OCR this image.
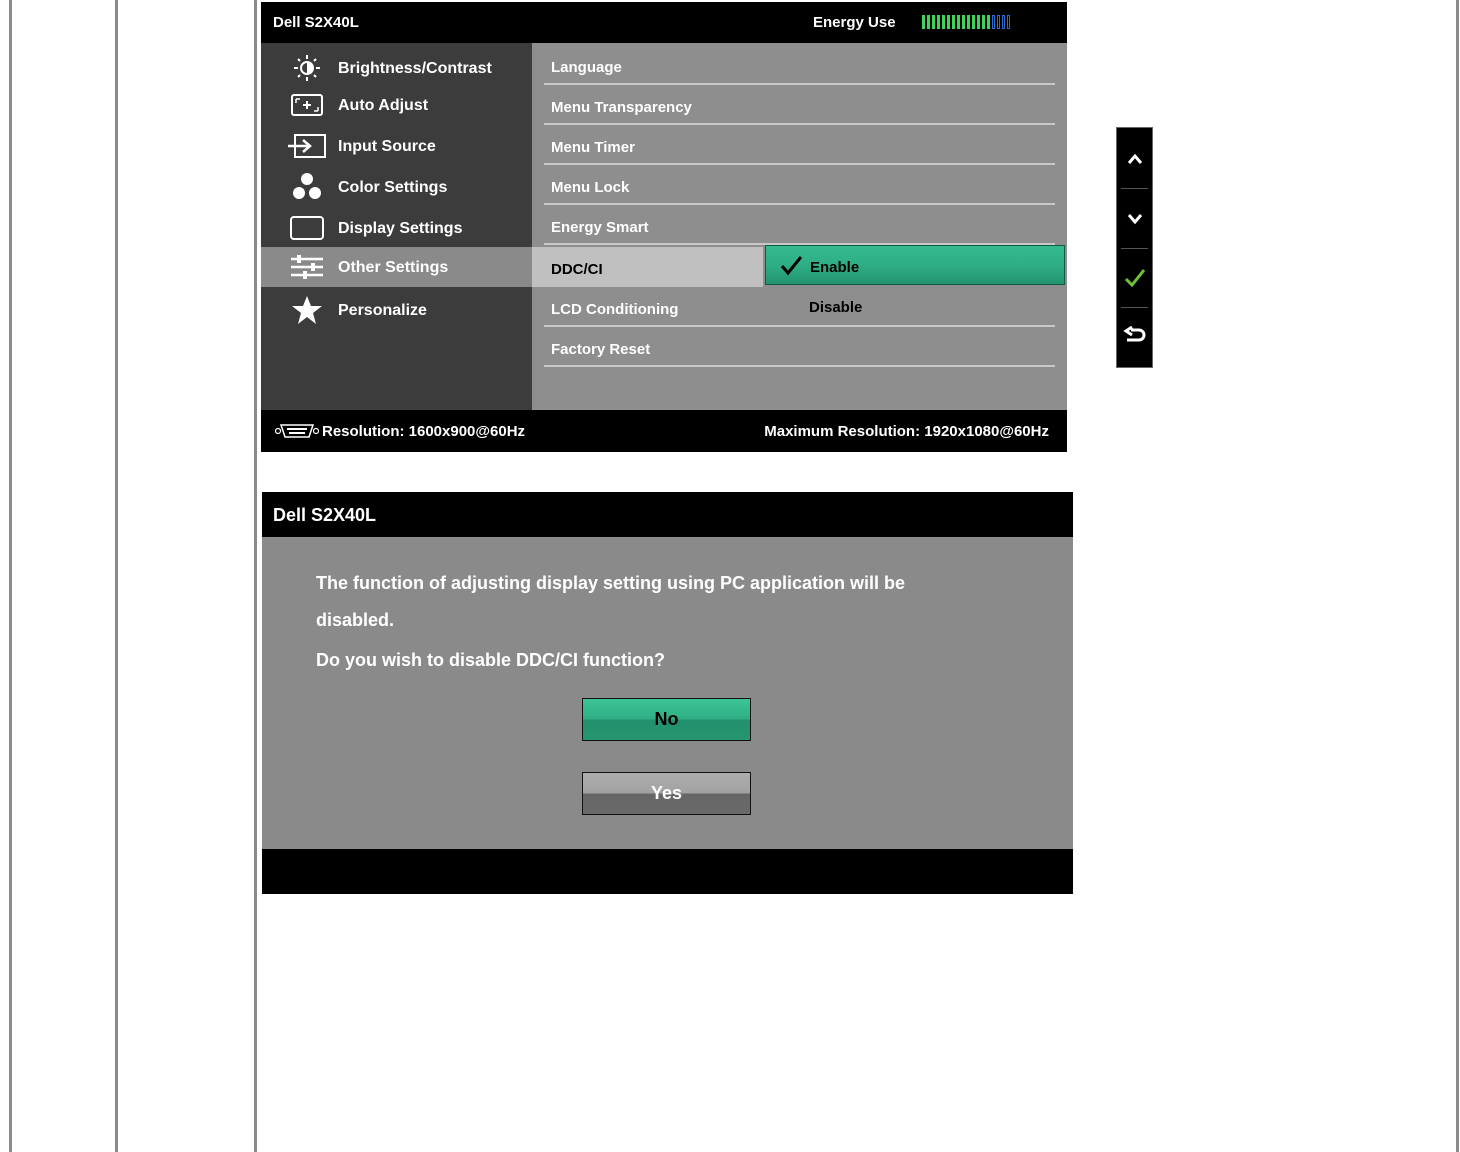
Dell S2X40L	Energy Use
Brightness/Contrast
Auto Adjust
Input Source
Color Settings
Display Settings
Other Settings
Personalize
Language
Menu Transparency
Menu Timer
Menu Lock
Energy Smart
DDC/CI
LCD Conditioning
Factory Reset
Enable
Disable
Resolution: 1600x900@60Hz	Maximum Resolution: 1920x1080@60Hz
Dell S2X40L
The function of adjusting display setting using PC application will be
disabled.
Do you wish to disable DDC/CI function?
No
Yes
